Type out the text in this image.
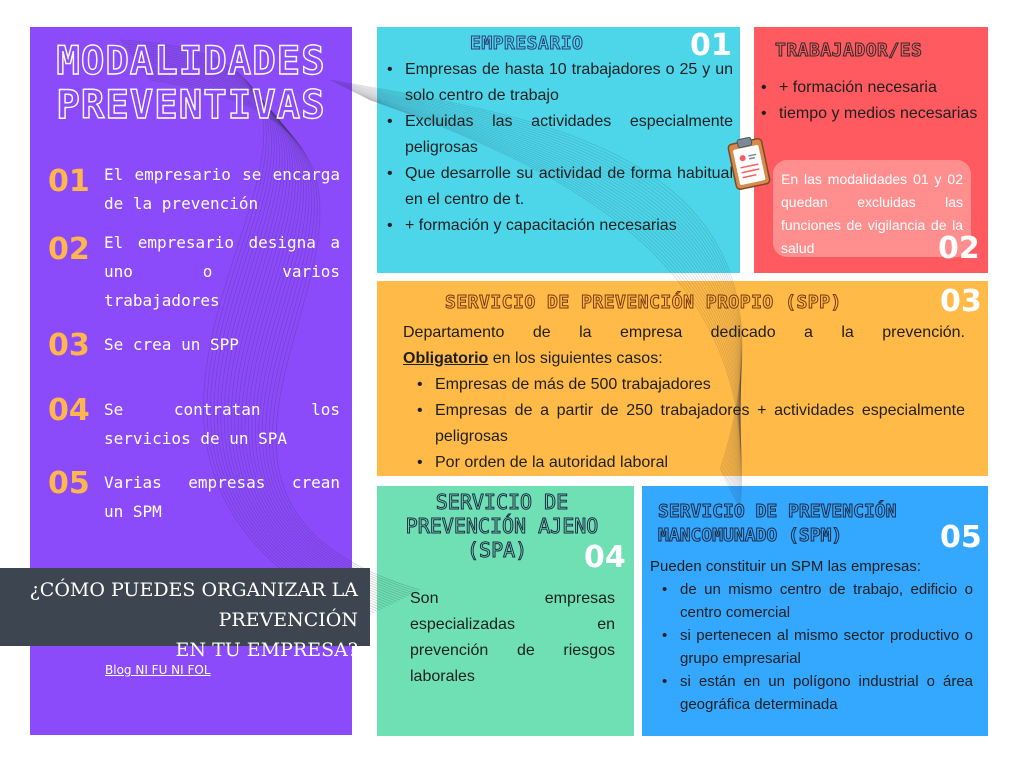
MODALIDADES
PREVENTIVAS
01 El empresario se encarga de la prevención
02 El empresario designa a
uno o varios
trabajadores
03 Se crea un SPP
04 Se contratan los
servicios de un SPA
05 Varias empresas crean
un SPM
¿CÓMO PUEDES ORGANIZAR LA PREVENCIÓN
EN TU EMPRESA?
Blog NI FU NI FOL
EMPRESARIO	01
• Empresas de hasta 10 trabajadores o 25 y un solo centro de trabajo
• Excluidas las actividades especialmente peligrosas
• Que desarrolle su actividad de forma habitual en el centro de t.
• + formación y capacitación necesarias
TRABAJADOR/ES
• + formación necesaria
• tiempo y medios necesarias
En las modalidades 01 y 02 quedan excluidas las funciones de vigilancia de la salud	02
SERVICIO DE PREVENCIÓN PROPIO (SPP)	03
Departamento de la empresa dedicado a la prevención.
Obligatorio en los siguientes casos:
• Empresas de más de 500 trabajadores
• Empresas de a partir de 250 trabajadores + actividades especialmente peligrosas
• Por orden de la autoridad laboral
SERVICIO DE
PREVENCIÓN AJENO
(SPA)	04
Son empresas especializadas en prevención de riesgos laborales
SERVICIO DE PREVENCIÓN
MANCOMUNADO (SPM)	05
Pueden constituir un SPM las empresas:
• de un mismo centro de trabajo, edificio o centro comercial
• si pertenecen al mismo sector productivo o grupo empresarial
• si están en un polígono industrial o área geográfica determinada
